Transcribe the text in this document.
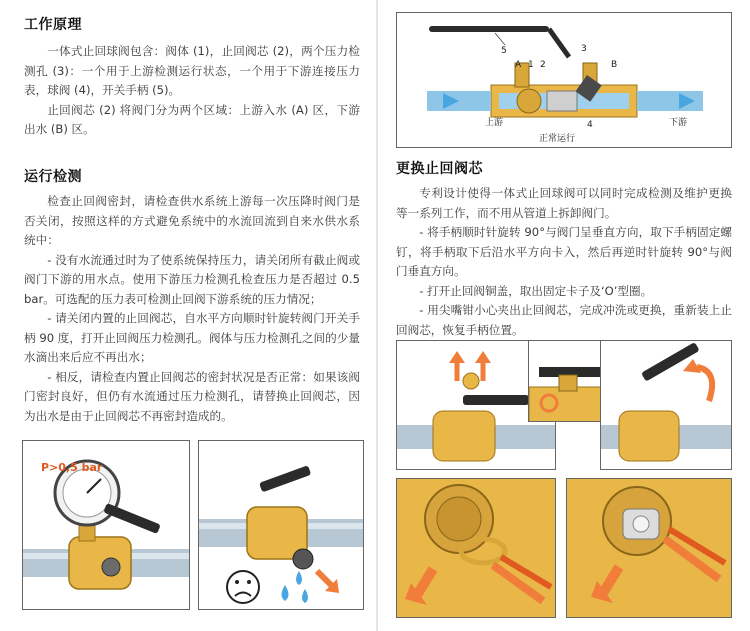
工作原理

一体式止回球阀包含：阀体 (1)，止回阀芯 (2)，两个压力检测孔 (3)：一个用于上游检测运行状态，一个用于下游连接压力表，球阀 (4)，开关手柄 (5)。

止回阀芯 (2) 将阀门分为两个区域：上游入水 (A) 区，下游出水 (B) 区。

运行检测

检查止回阀密封，请检查供水系统上游每一次压降时阀门是否关闭，按照这样的方式避免系统中的水流回流到自来水供水系统中：

- 没有水流通过时为了使系统保持压力，请关闭所有截止阀或阀门下游的用水点。使用下游压力检测孔检查压力是否超过 0.5 bar。可选配的压力表可检测止回阀下游系统的压力情况；

- 请关闭内置的止回阀芯，自水平方向顺时针旋转阀门开关手柄 90 度，打开止回阀压力检测孔。阀体与压力检测孔之间的少量水滴出来后应不再出水；

- 相反，请检查内置止回阀芯的密封状况是否正常：如果该阀门密封良好，但仍有水流通过压力检测孔，请替换止回阀芯，因为出水是由于止回阀芯不再密封造成的。

P>0,5 bar
5
A 1 2
3
B
4
上游	下游
正常运行
更换止回阀芯

专利设计使得一体式止回球阀可以同时完成检测及维护更换等一系列工作，而不用从管道上拆卸阀门。

- 将手柄顺时针旋转 90°与阀门呈垂直方向，取下手柄固定螺钉，将手柄取下后沿水平方向卡入，然后再逆时针旋转 90°与阀门垂直方向。

- 打开止回阀铜盖，取出固定卡子及‘O’型圈。

- 用尖嘴钳小心夹出止回阀芯，完成冲洗或更换，重新装上止回阀芯，恢复手柄位置。
